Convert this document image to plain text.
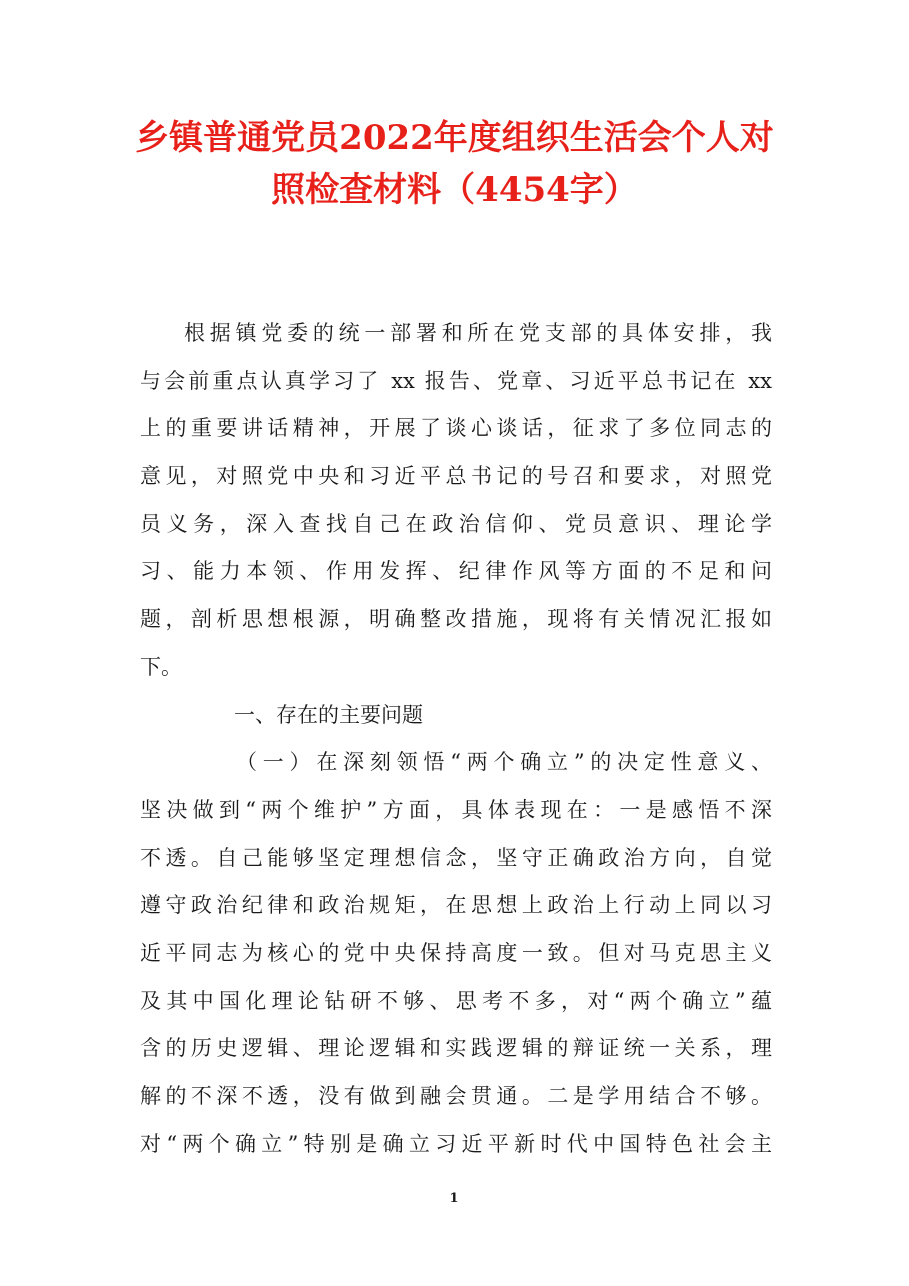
乡镇普通党员2022年度组织生活会个人对
照检查材料（4454字）
根据镇党委的统一部署和所在党支部的具体安排，我
与会前重点认真学习了 xx 报告、党章、习近平总书记在 xx
上的重要讲话精神，开展了谈心谈话，征求了多位同志的
意见，对照党中央和习近平总书记的号召和要求，对照党
员义务，深入查找自己在政治信仰、党员意识、理论学
习、能力本领、作用发挥、纪律作风等方面的不足和问
题，剖析思想根源，明确整改措施，现将有关情况汇报如
下。
一、存在的主要问题
（一）在深刻领悟“两个确立”的决定性意义、
坚决做到“两个维护”方面，具体表现在：一是感悟不深
不透。自己能够坚定理想信念，坚守正确政治方向，自觉
遵守政治纪律和政治规矩，在思想上政治上行动上同以习
近平同志为核心的党中央保持高度一致。但对马克思主义
及其中国化理论钻研不够、思考不多，对“两个确立”蕴
含的历史逻辑、理论逻辑和实践逻辑的辩证统一关系，理
解的不深不透，没有做到融会贯通。二是学用结合不够。
对“两个确立”特别是确立习近平新时代中国特色社会主
1
